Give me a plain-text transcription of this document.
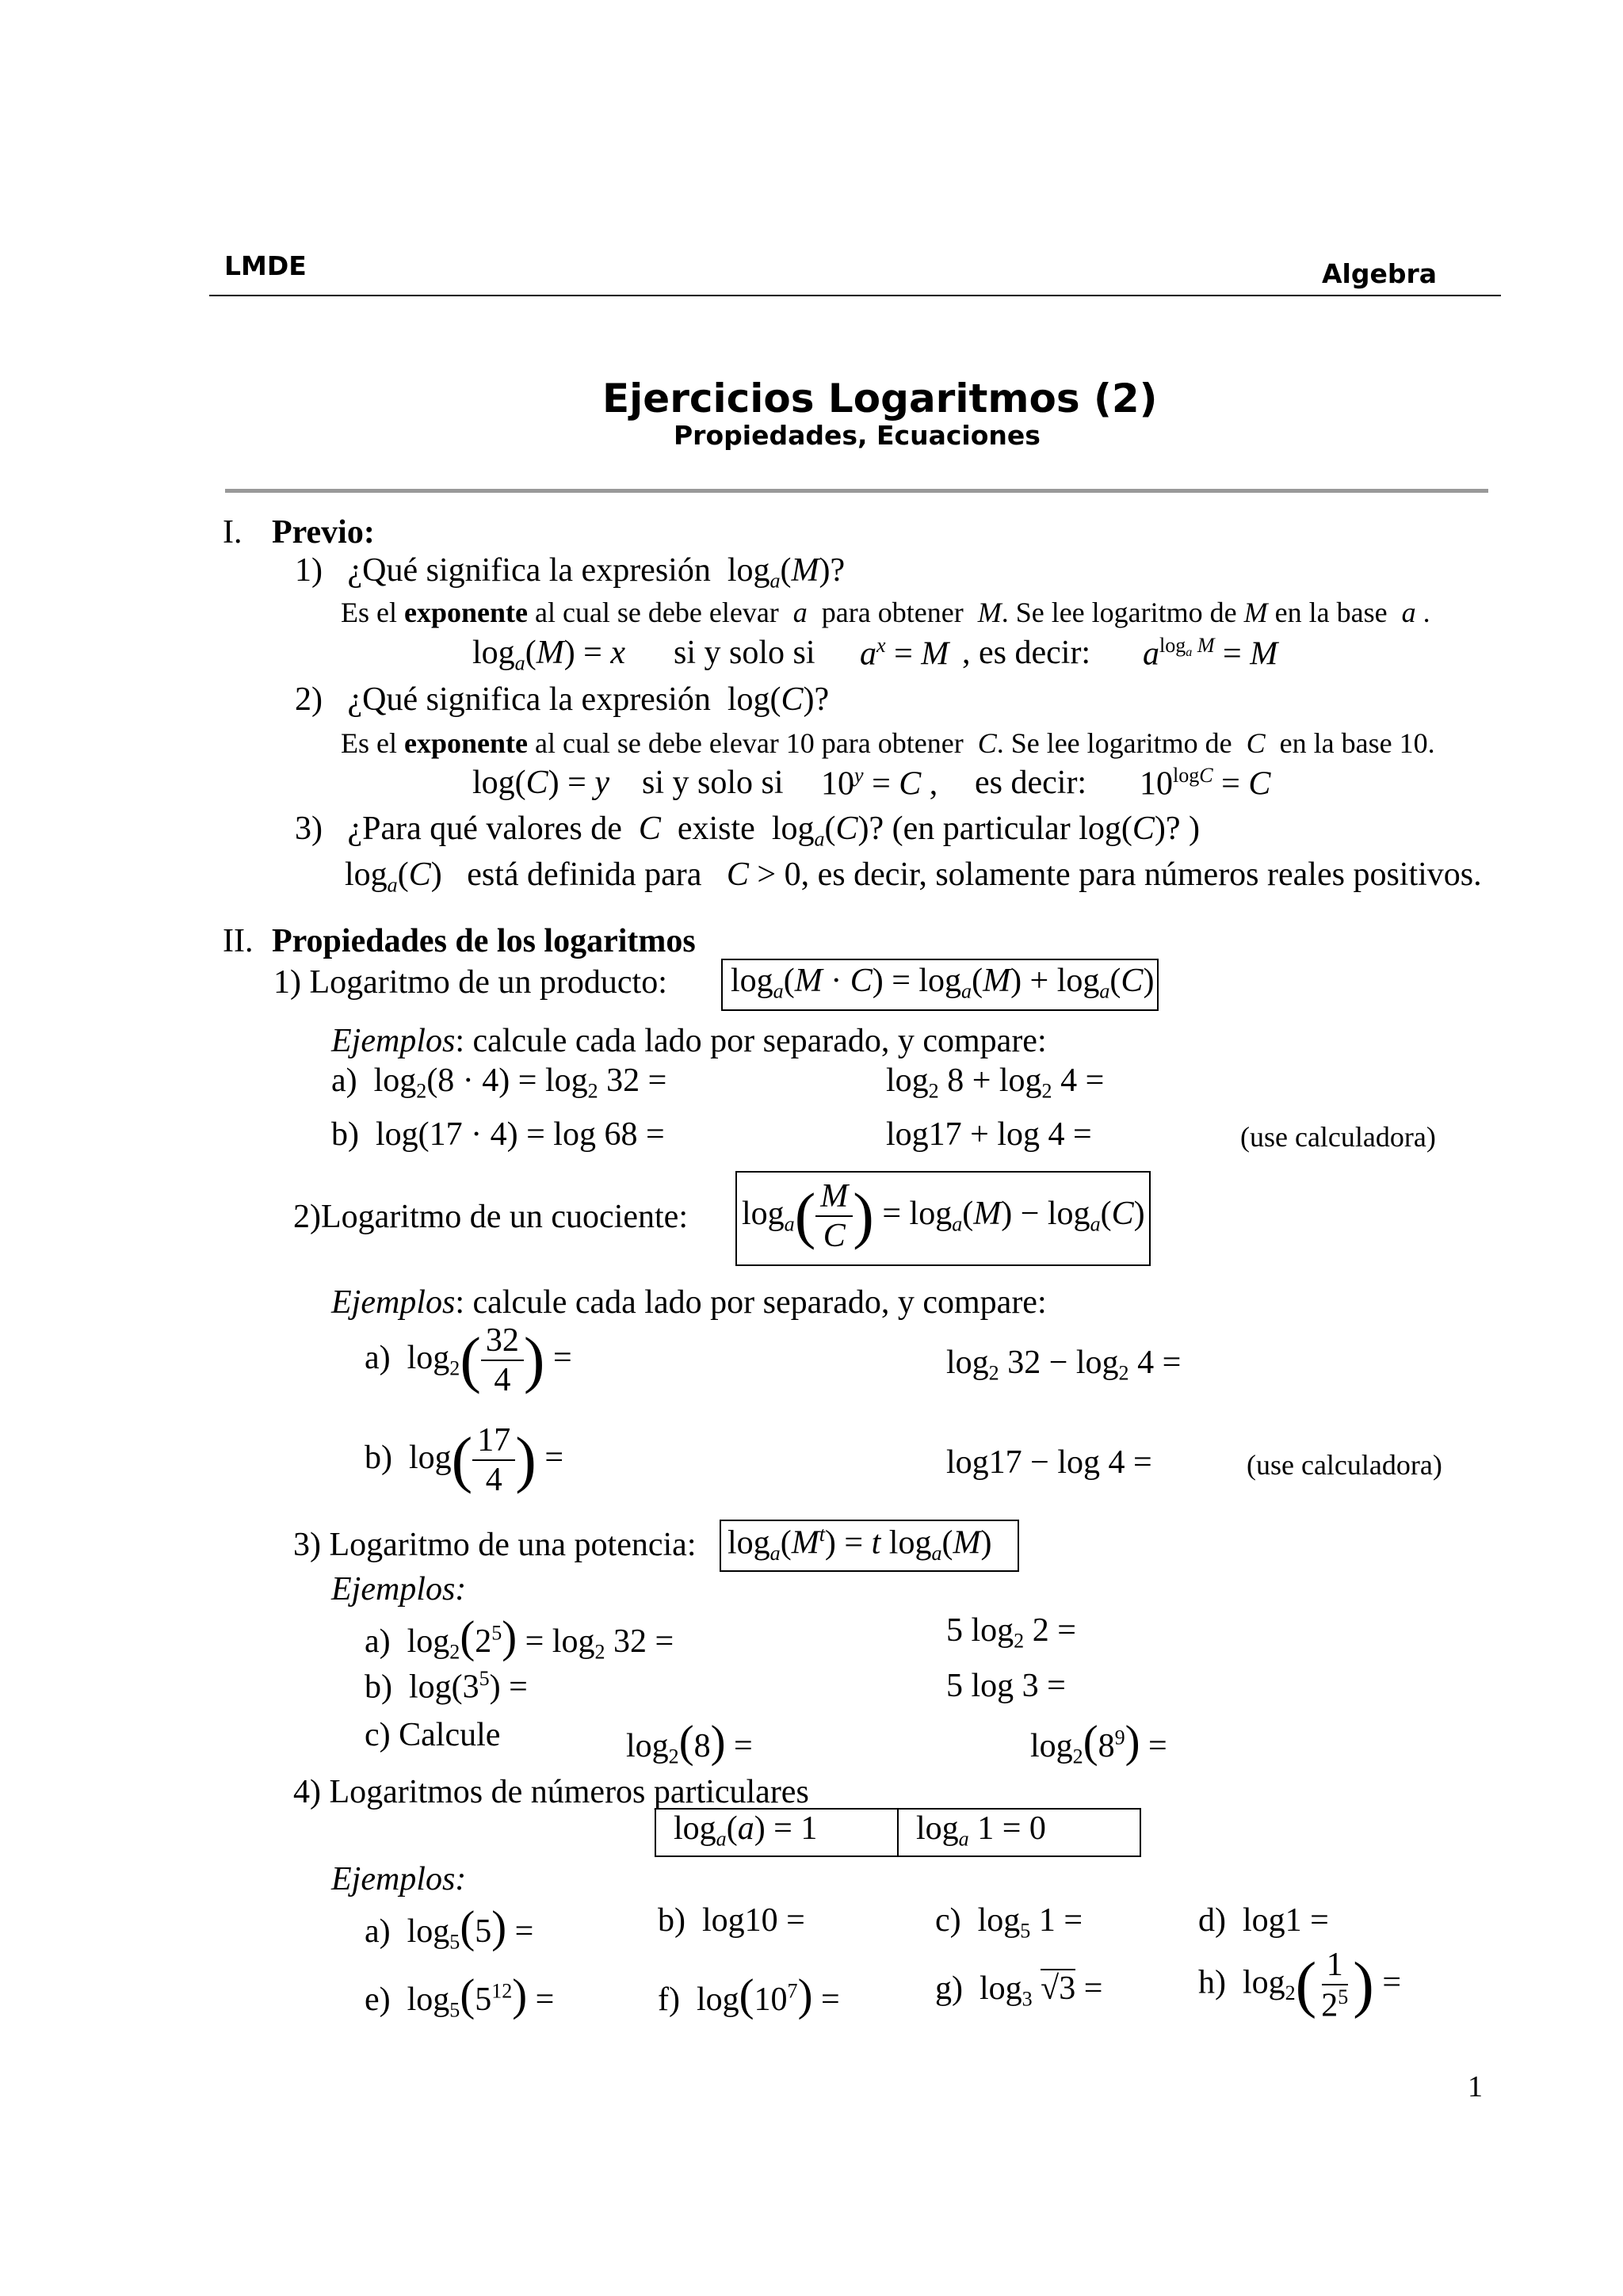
LMDE	Algebra
Ejercicios Logaritmos (2)
Propiedades, Ecuaciones
I. Previo:
1) ¿Qué significa la expresión $\log_a(M)$?
Es el exponente al cual se debe elevar  a  para obtener  M. Se lee logaritmo de M en la base  a .
$\log_a(M) = x$ si y solo si $a^x = M$ , es decir: $a^{log_a M} = M$
2) ¿Qué significa la expresión log(C)?
Es el exponente al cual se debe elevar 10 para obtener  C. Se lee logaritmo de  C  en la base 10.
log(C) = y si y solo si $10^y = C$ , es decir: $10^{logC} = C$
3) ¿Para qué valores de  C  existe  $\log_a(C)$? (en particular log(C)? )
$\log_a(C)$   está definida para C > 0, es decir, solamente para números reales positivos.
II. Propiedades de los logaritmos
1) Logaritmo de un producto: $\log_a(M \cdot C) = \log_a(M) + \log_a(C)$
Ejemplos: calcule cada lado por separado, y compare:
a)  $\log_2(8 \cdot 4) = \log_2 32$ =	$\log_2 8 + \log_2 4$ =
b)  log(17 · 4) = log 68 =	log17 + log 4 =	(use calculadora)
2)Logaritmo de un cuociente: $\log_a( \frac{M}{C}$ ) = $\log_a(M) - \log_a(C)$
Ejemplos: calcule cada lado por separado, y compare:
a)  $\log_2( \frac{32}{4}$ ) =	$\log_2 32 - \log_2 4$ =
b)  $\log( \frac{17}{4}$ ) =	log17 − log 4 =	(use calculadora)
3) Logaritmo de una potencia: $\log_a(M^t) = t$ $\log_a(M)$
Ejemplos:
a)  $\log_2(2^5) = \log_2 32$ =	5 $\log_2 2$ =
b)  $\log(3^5)$ =	5 log 3 =
c) Calcule	$\log_2(8)$ =	$\log_2(8^9)$ =
4) Logaritmos de números particulares
$\log_a(a) = 1$	$\log_a 1 = 0$
Ejemplos:
a)  $\log_5(5)$ =	b)  log10 =	c)  $\log_5 1$ =	d)  log1 =
e)  $\log_5(5^{12})$ =	f)  $\log(10^7)$ =	g)  $\log_3 √3$ =	h)  $\log_2( \frac{1}{2^5}$ ) =
1
